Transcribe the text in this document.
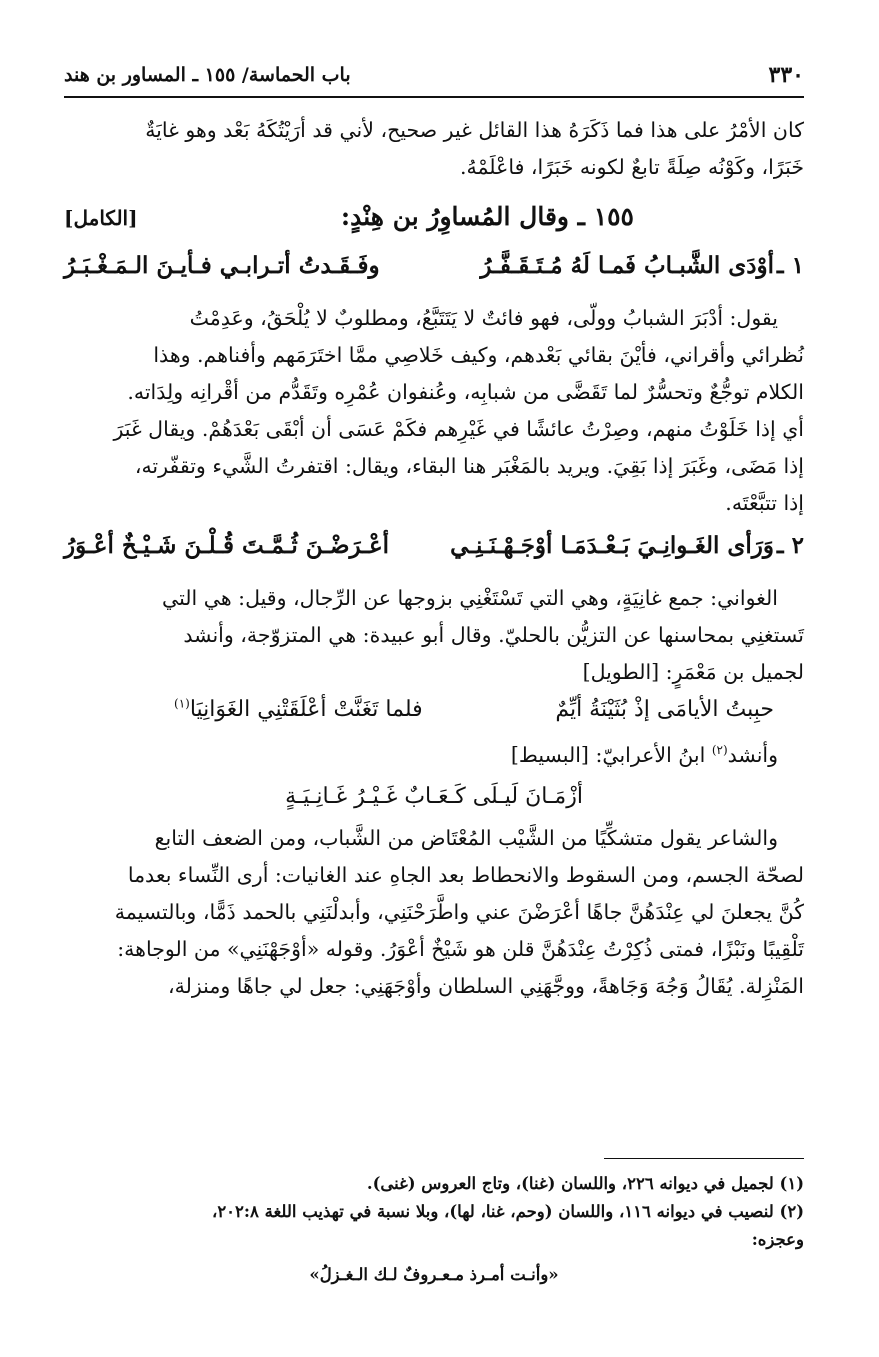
٣٣٠
باب الحماسة/ ١٥٥ ـ المساور بن هند

كان الأمْرُ على هذا فما ذَكَرَهُ هذا القائل غير صحيح، لأني قد أرَيْتُكَهُ بَعْد وهو غايَةٌ

خَبَرًا، وكَوْنُه صِلَةً تابعٌ لكونه خَبَرًا، فاعْلَمْهُ.

١٥٥ ـ وقال المُساوِرُ بن هِنْدٍ:
[الكامل]
١ ـ
أوْدَى الشَّبـابُ فَمـا لَهُ مُـتَـقَـفَّـرُ
وفَـقَـدتُ أتـرابـي فـأيـنَ الـمَـغْـبَـرُ

يقول: أدْبَرَ الشبابُ وولّى، فهو فائتٌ لا يَتَتَبَّعُ، ومطلوبٌ لا يُلْحَقُ، وعَدِمْتُ

نُظرائي وأقراني، فأيْنَ بقائي بَعْدهم، وكيف خَلاصِي ممَّا اختَرَمَهم وأفناهم. وهذا

الكلام توجُّعٌ وتحسُّرٌ لما تَقَضَّى من شبابِه، وعُنفوان عُمْرِه وتَقَدُّم من أقْرانِه ولِدَاته.

أي إذا خَلَوْتُ منهم، وصِرْتُ عائشًا في غَيْرِهم فكَمْ عَسَى أن أبْقَى بَعْدَهُمْ. ويقال غَبَرَ

إذا مَضَى، وغَبَرَ إذا بَقِيَ. ويريد بالمَغْبَر هنا البقاء، ويقال: اقتفرتُ الشَّيء وتقفّرته،

إذا تتبَّعْتَه.

٢ ـ
وَرَأى الغَـوانِـيَ بَـعْـدَمَـا أوْجَـهْـنَـنِـي
أعْـرَضْـنَ ثُـمَّـتَ قُـلْـنَ شَـيْـخٌ أعْـوَرُ

الغواني: جمع غانِيَةٍ، وهي التي تَسْتَغْنِي بزوجها عن الرِّجال، وقيل: هي التي

تَستغنِي بمحاسنها عن التزيُّن بالحليّ. وقال أبو عبيدة: هي المتزوّجة، وأنشد

لجميل بن مَعْمَرٍ: [الطويل]

حبِبتُ الأيامَى إذْ بُثَيْنَةُ أيِّمٌ
فلما تَغَنَّتْ أعْلَقَتْنِي الغَوَانِيَا$^{(١)}$

وأنشد$^{(٢)}$ ابنُ الأعرابيّ: [البسيط]

أزْمَـانَ لَيـلَى كَـعَـابٌ غَـيْـرُ غَـانِـيَـةٍ

والشاعر يقول متشكِّيًا من الشَّيْب المُعْتَاض من الشَّباب، ومن الضعف التابع

لصحّة الجسم، ومن السقوط والانحطاط بعد الجاهِ عند الغانيات: أرى النِّساء بعدما

كُنَّ يجعلنَ لي عِنْدَهُنَّ جاهًا أعْرَضْنَ عني واطَّرَحْنَنِي، وأبدلْنَنِي بالحمد ذَمًّا، وبالتسيمة

تَلْقِيبًا ونَبْزًا، فمتى ذُكِرْتُ عِنْدَهُنَّ قلن هو شَيْخٌ أعْوَرُ. وقوله «أوْجَهْنَنِي» من الوجاهة:

المَنْزِلة. يُقَالُ وَجُهَ وَجَاهةً، ووجَّهَنِي السلطان وأوْجَهَنِي: جعل لي جاهًا ومنزلة،

(١) لجميل في ديوانه ٢٢٦، واللسان (غنا)، وتاج العروس (غنى).

(٢) لنصيب في ديوانه ١١٦، واللسان (وحم، غنا، لها)، وبلا نسبة في تهذيب اللغة ٢٠٢:٨،

وعجزه:

«وأنـت أمـرذ مـعـروفٌ لـك الـغـزلُ»
